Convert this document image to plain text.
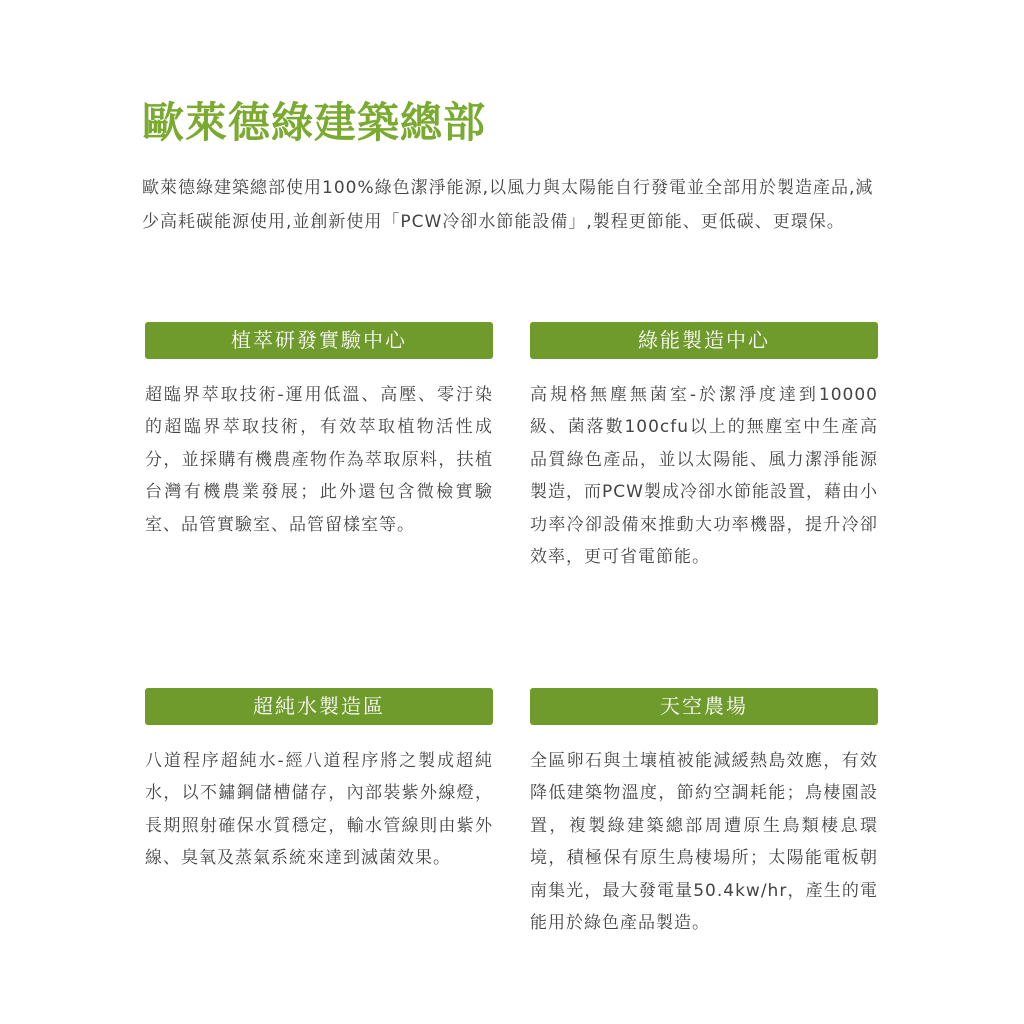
歐萊德綠建築總部

歐萊德綠建築總部使用100%綠色潔淨能源,以風力與太陽能自行發電並全部用於製造產品,減少高耗碳能源使用,並創新使用「PCW冷卻水節能設備」,製程更節能、更低碳、更環保。

植萃研發實驗中心

超臨界萃取技術-運用低溫、高壓、零汙染的超臨界萃取技術，有效萃取植物活性成分，並採購有機農產物作為萃取原料，扶植台灣有機農業發展；此外還包含微檢實驗室、品管實驗室、品管留樣室等。

綠能製造中心

高規格無塵無菌室-於潔淨度達到10000級、菌落數100cfu以上的無塵室中生產高品質綠色產品，並以太陽能、風力潔淨能源製造，而PCW製成冷卻水節能設置，藉由小功率冷卻設備來推動大功率機器，提升冷卻效率，更可省電節能。

超純水製造區

八道程序超純水-經八道程序將之製成超純水，以不鏽鋼儲槽儲存，內部裝紫外線燈，長期照射確保水質穩定，輸水管線則由紫外線、臭氧及蒸氣系統來達到滅菌效果。

天空農場

全區卵石與土壤植被能減緩熱島效應，有效降低建築物溫度，節約空調耗能；鳥棲園設置，複製綠建築總部周遭原生鳥類棲息環境，積極保有原生鳥棲場所；太陽能電板朝南集光，最大發電量50.4kw/hr，產生的電能用於綠色產品製造。
